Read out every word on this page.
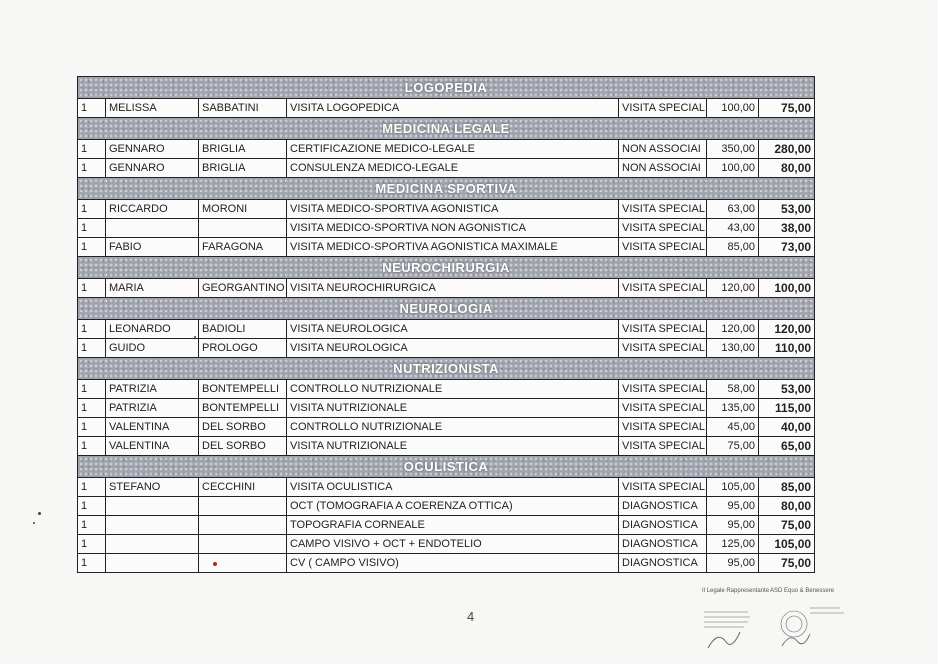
LOGOPEDIA						
1	MELISSA	SABBATINI	VISITA LOGOPEDICA	VISITA SPECIAL	100,00	75,00
MEDICINA LEGALE						
1	GENNARO	BRIGLIA	CERTIFICAZIONE MEDICO-LEGALE	NON ASSOCIAI	350,00	280,00
1	GENNARO	BRIGLIA	CONSULENZA MEDICO-LEGALE	NON ASSOCIAI	100,00	80,00
MEDICINA SPORTIVA						
1	RICCARDO	MORONI	VISITA MEDICO-SPORTIVA AGONISTICA	VISITA SPECIAL	63,00	53,00
1			VISITA MEDICO-SPORTIVA NON AGONISTICA	VISITA SPECIAL	43,00	38,00
1	FABIO	FARAGONA	VISITA MEDICO-SPORTIVA AGONISTICA MAXIMALE	VISITA SPECIAL	85,00	73,00
NEUROCHIRURGIA						
1	MARIA	GEORGANTINO	VISITA NEUROCHIRURGICA	VISITA SPECIAL	120,00	100,00
NEUROLOGIA						
1	LEONARDO	BADIOLI	VISITA NEUROLOGICA	VISITA SPECIAL	120,00	120,00
1	GUIDO	PROLOGO	VISITA NEUROLOGICA	VISITA SPECIAL	130,00	110,00
NUTRIZIONISTA						
1	PATRIZIA	BONTEMPELLI	CONTROLLO NUTRIZIONALE	VISITA SPECIAL	58,00	53,00
1	PATRIZIA	BONTEMPELLI	VISITA NUTRIZIONALE	VISITA SPECIAL	135,00	115,00
1	VALENTINA	DEL SORBO	CONTROLLO NUTRIZIONALE	VISITA SPECIAL	45,00	40,00
1	VALENTINA	DEL SORBO	VISITA NUTRIZIONALE	VISITA SPECIAL	75,00	65,00
OCULISTICA						
1	STEFANO	CECCHINI	VISITA OCULISTICA	VISITA SPECIAL	105,00	85,00
1			OCT (TOMOGRAFIA A COERENZA OTTICA)	DIAGNOSTICA	95,00	80,00
1			TOPOGRAFIA CORNEALE	DIAGNOSTICA	95,00	75,00
1			CAMPO VISIVO + OCT + ENDOTELIO	DIAGNOSTICA	125,00	105,00
1			CV ( CAMPO VISIVO)	DIAGNOSTICA	95,00	75,00
4
Il Legale Rappresentante ASD Equo & Benessere
